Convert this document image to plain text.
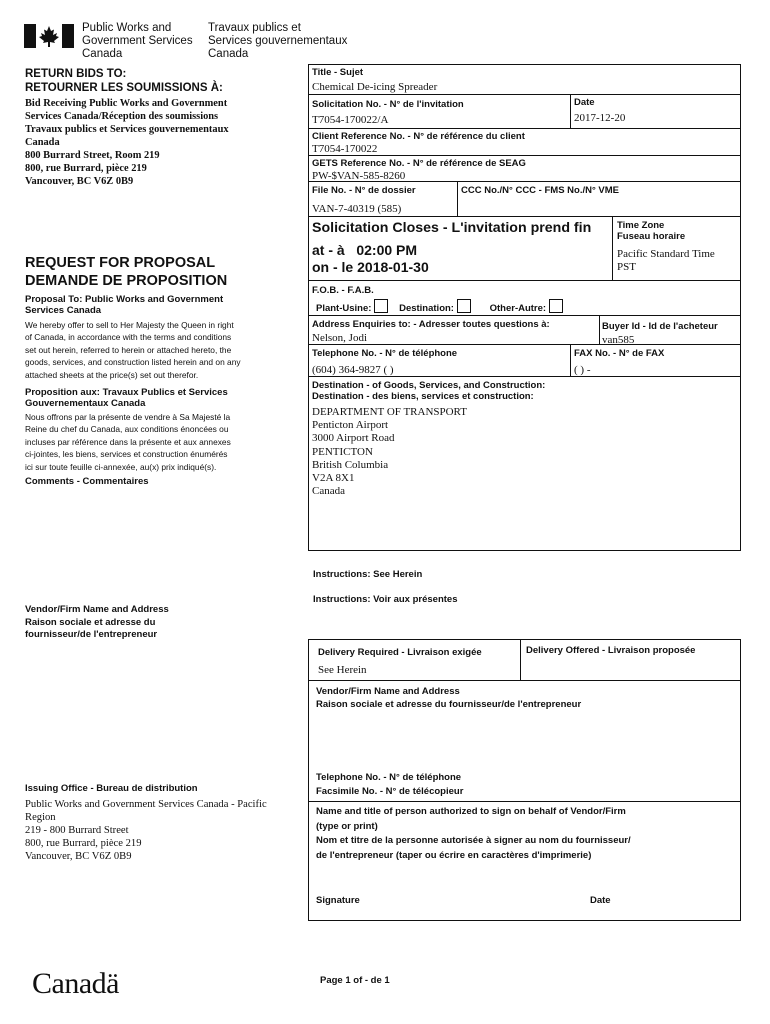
Public Works and
Government Services
Canada
Travaux publics et
Services gouvernementaux
Canada
RETURN BIDS TO:
RETOURNER LES SOUMISSIONS À:
Bid Receiving Public Works and Government
Services Canada/Réception des soumissions
Travaux publics et Services gouvernementaux
Canada
800 Burrard Street, Room 219
800, rue Burrard, pièce 219
Vancouver, BC V6Z 0B9
REQUEST FOR PROPOSAL
DEMANDE DE PROPOSITION
Proposal To: Public Works and Government
Services Canada
We hereby offer to sell to Her Majesty the Queen in right
of Canada, in accordance with the terms and conditions
set out herein, referred to herein or attached hereto, the
goods, services, and construction listed herein and on any
attached sheets at the price(s) set out therefor.
Proposition aux: Travaux Publics et Services
Gouvernementaux Canada
Nous offrons par la présente de vendre à Sa Majesté la
Reine du chef du Canada, aux conditions énoncées ou
incluses par référence dans la présente et aux annexes
ci-jointes, les biens, services et construction énumérés
ici sur toute feuille ci-annexée, au(x) prix indiqué(s).
Comments - Commentaires
Vendor/Firm Name and Address
Raison sociale et adresse du
fournisseur/de l'entrepreneur
Issuing Office - Bureau de distribution
Public Works and Government Services Canada - Pacific
Region
219 - 800 Burrard Street
800, rue Burrard, pièce 219
Vancouver, BC V6Z 0B9
Title - Sujet
Chemical De-icing Spreader
Solicitation No. - N° de l'invitation
T7054-170022/A
Date
2017-12-20
Client Reference No. - N° de référence du client
T7054-170022
GETS Reference No. - N° de référence de SEAG
PW-$VAN-585-8260
File No. - N° de dossier
VAN-7-40319 (585)
CCC No./N° CCC - FMS No./N° VME
Solicitation Closes - L'invitation prend fin
at - à 02:00 PM
on - le 2018-01-30
Time Zone
Fuseau horaire
Pacific Standard Time
PST
F.O.B. - F.A.B.
Plant-Usine:	Destination:	Other-Autre:
Address Enquiries to: - Adresser toutes questions à:
Nelson, Jodi
Buyer Id - Id de l'acheteur
van585
Telephone No. - N° de téléphone
(604) 364-9827 ( )
FAX No. - N° de FAX
( ) -
Destination - of Goods, Services, and Construction:
Destination - des biens, services et construction:
DEPARTMENT OF TRANSPORT
Penticton Airport
3000 Airport Road
PENTICTON
British Columbia
V2A 8X1
Canada
Instructions: See Herein
Instructions: Voir aux présentes
Delivery Required - Livraison exigée
See Herein
Delivery Offered - Livraison proposée
Vendor/Firm Name and Address
Raison sociale et adresse du fournisseur/de l'entrepreneur
Telephone No. - N° de téléphone
Facsimile No. - N° de télécopieur
Name and title of person authorized to sign on behalf of Vendor/Firm
(type or print)
Nom et titre de la personne autorisée à signer au nom du fournisseur/
de l'entrepreneur (taper ou écrire en caractères d'imprimerie)
Signature	Date
Canadä	Page 1 of - de 1
